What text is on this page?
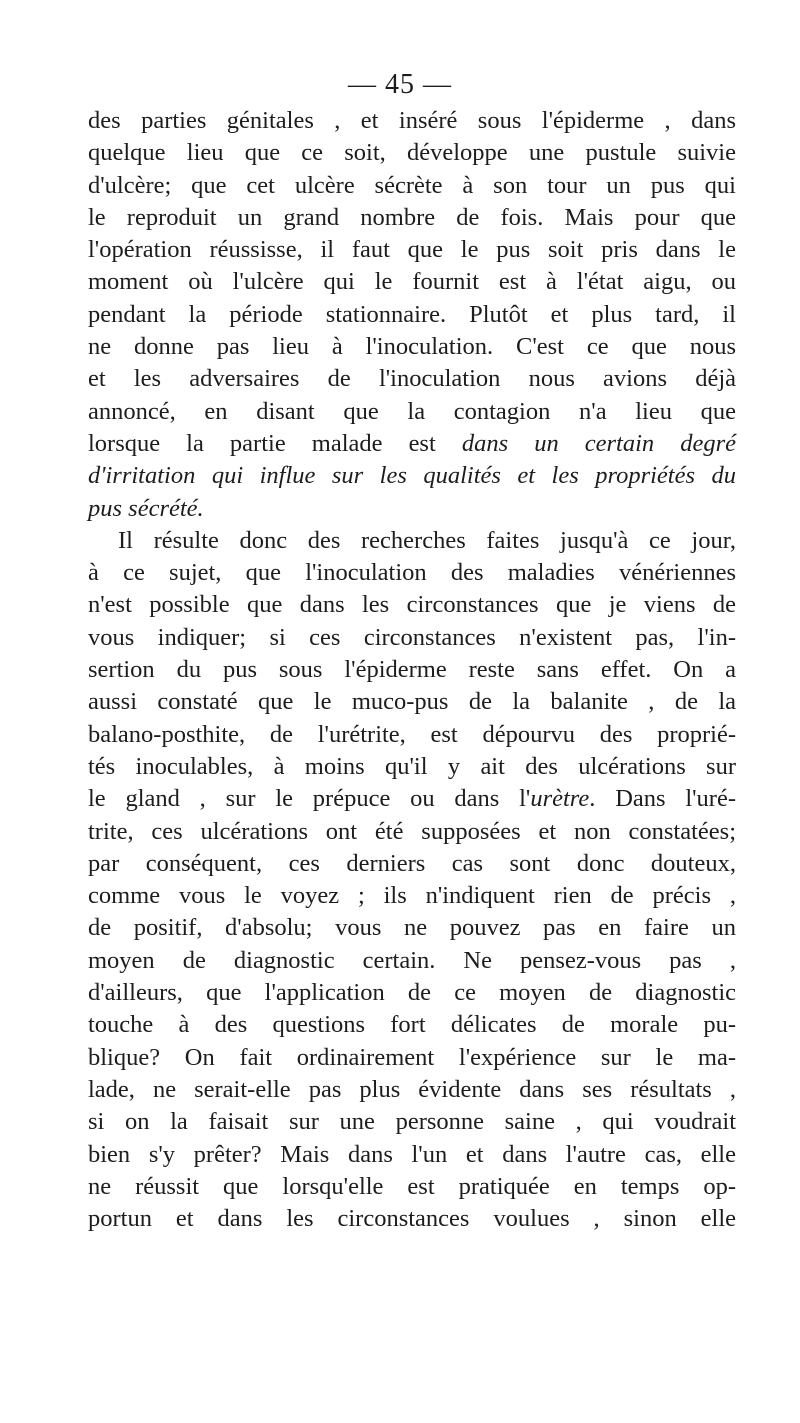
— 45 —
des parties génitales , et inséré sous l'épiderme , dans
quelque lieu que ce soit, développe une pustule suivie
d'ulcère; que cet ulcère sécrète à son tour un pus qui
le reproduit un grand nombre de fois. Mais pour que
l'opération réussisse, il faut que le pus soit pris dans le
moment où l'ulcère qui le fournit est à l'état aigu, ou
pendant la période stationnaire. Plutôt et plus tard, il
ne donne pas lieu à l'inoculation. C'est ce que nous
et les adversaires de l'inoculation nous avions déjà
annoncé, en disant que la contagion n'a lieu que
lorsque la partie malade est dans un certain degré
d'irritation qui influe sur les qualités et les propriétés du
pus sécrété.
Il résulte donc des recherches faites jusqu'à ce jour,
à ce sujet, que l'inoculation des maladies vénériennes
n'est possible que dans les circonstances que je viens de
vous indiquer; si ces circonstances n'existent pas, l'in-
sertion du pus sous l'épiderme reste sans effet. On a
aussi constaté que le muco-pus de la balanite , de la
balano-posthite, de l'urétrite, est dépourvu des proprié-
tés inoculables, à moins qu'il y ait des ulcérations sur
le gland , sur le prépuce ou dans l'urètre. Dans l'uré-
trite, ces ulcérations ont été supposées et non constatées;
par conséquent, ces derniers cas sont donc douteux,
comme vous le voyez ; ils n'indiquent rien de précis ,
de positif, d'absolu; vous ne pouvez pas en faire un
moyen de diagnostic certain. Ne pensez-vous pas ,
d'ailleurs, que l'application de ce moyen de diagnostic
touche à des questions fort délicates de morale pu-
blique? On fait ordinairement l'expérience sur le ma-
lade, ne serait-elle pas plus évidente dans ses résultats ,
si on la faisait sur une personne saine , qui voudrait
bien s'y prêter? Mais dans l'un et dans l'autre cas, elle
ne réussit que lorsqu'elle est pratiquée en temps op-
portun et dans les circonstances voulues , sinon elle
